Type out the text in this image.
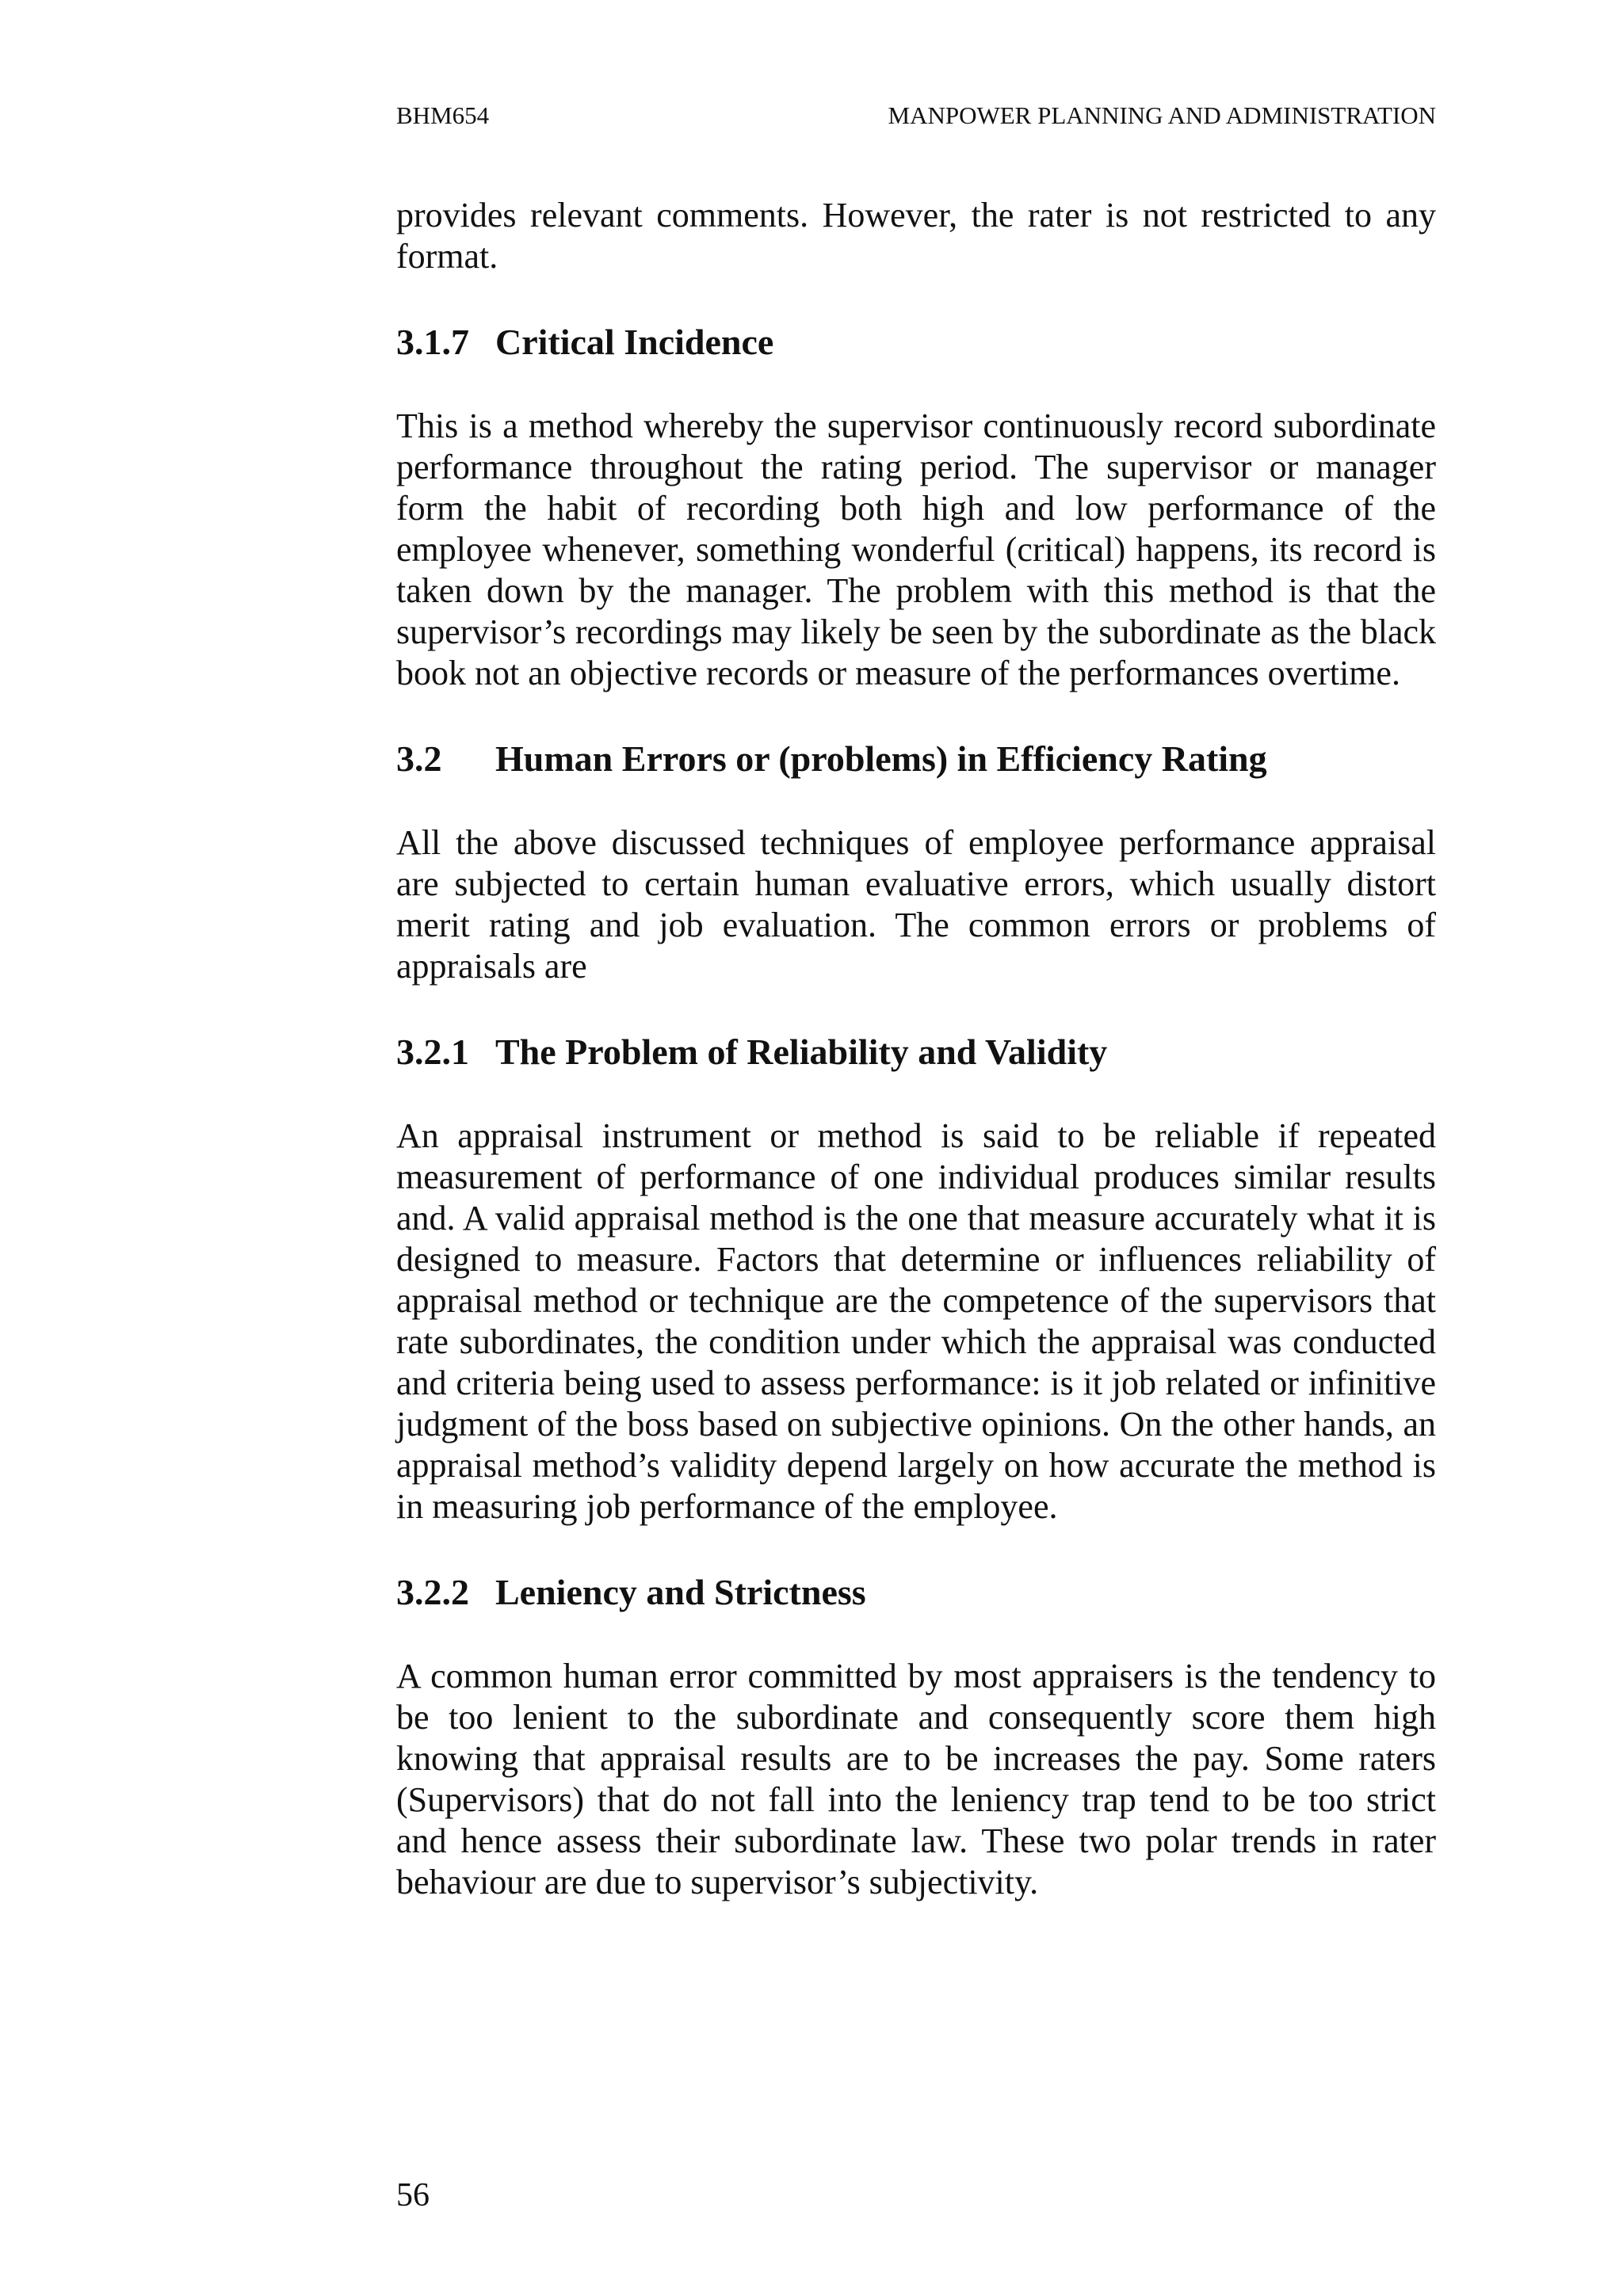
BHM654	MANPOWER PLANNING AND ADMINISTRATION

provides relevant comments. However, the rater is not restricted to any format.

3.1.7 Critical Incidence

This is a method whereby the supervisor continuously record subordinate performance throughout the rating period. The supervisor or manager form the habit of recording both high and low performance of the employee whenever, something wonderful (critical) happens, its record is taken down by the manager. The problem with this method is that the supervisor’s recordings may likely be seen by the subordinate as the black book not an objective records or measure of the performances overtime.

3.2 Human Errors or (problems) in Efficiency Rating

All the above discussed techniques of employee performance appraisal are subjected to certain human evaluative errors, which usually distort merit rating and job evaluation. The common errors or problems of appraisals are

3.2.1 The Problem of Reliability and Validity

An appraisal instrument or method is said to be reliable if repeated measurement of performance of one individual produces similar results and. A valid appraisal method is the one that measure accurately what it is designed to measure. Factors that determine or influences reliability of appraisal method or technique are the competence of the supervisors that rate subordinates, the condition under which the appraisal was conducted and criteria being used to assess performance: is it job related or infinitive judgment of the boss based on subjective opinions. On the other hands, an appraisal method’s validity depend largely on how accurate the method is in measuring job performance of the employee.

3.2.2 Leniency and Strictness

A common human error committed by most appraisers is the tendency to be too lenient to the subordinate and consequently score them high knowing that appraisal results are to be increases the pay. Some raters (Supervisors) that do not fall into the leniency trap tend to be too strict and hence assess their subordinate law. These two polar trends in rater behaviour are due to supervisor’s subjectivity.

56
